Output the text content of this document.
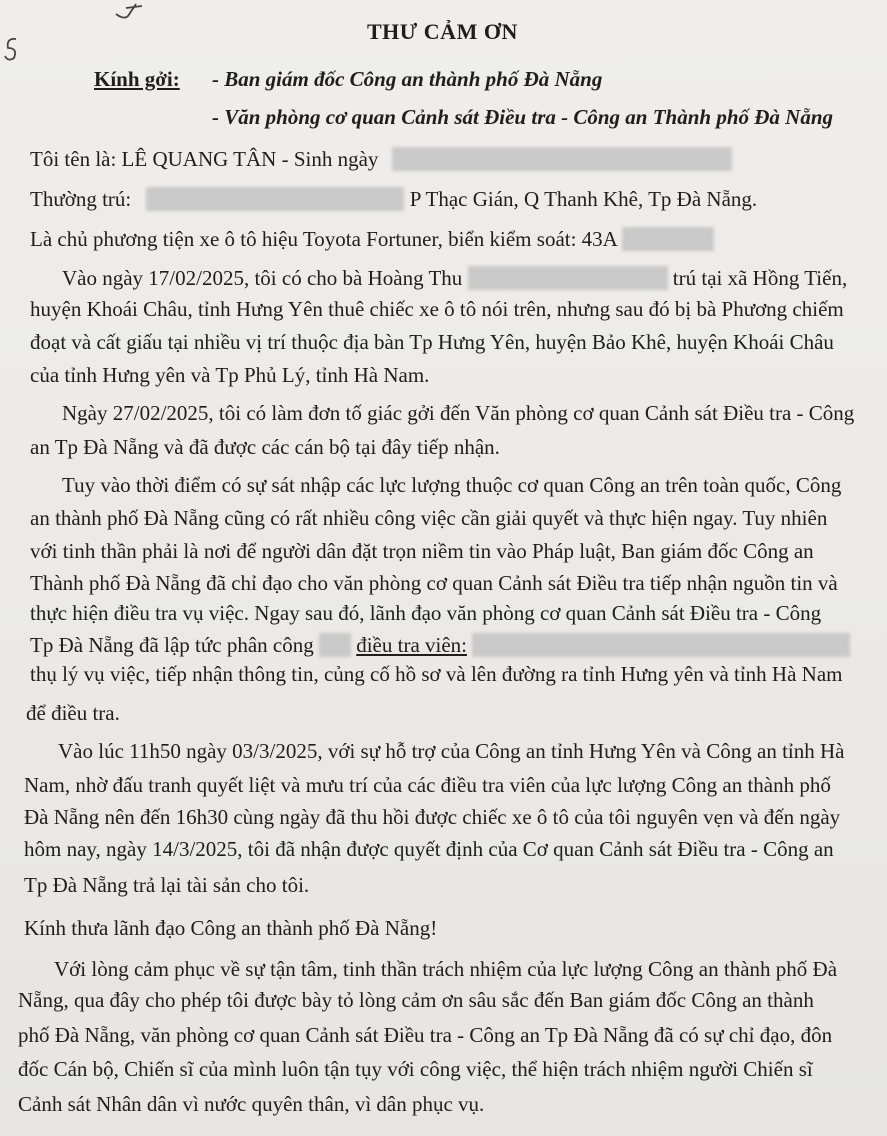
THƯ CẢM ƠN
Kính gởi: - Ban giám đốc Công an thành phố Đà Nẵng
- Văn phòng cơ quan Cảnh sát Điều tra - Công an Thành phố Đà Nẵng
Tôi tên là: LÊ QUANG TÂN - Sinh ngày
Thường trú:	P Thạc Gián, Q Thanh Khê, Tp Đà Nẵng.
Là chủ phương tiện xe ô tô hiệu Toyota Fortuner, biển kiểm soát: 43A
Vào ngày 17/02/2025, tôi có cho bà Hoàng Thu	trú tại xã Hồng Tiến,
huyện Khoái Châu, tỉnh Hưng Yên thuê chiếc xe ô tô nói trên, nhưng sau đó bị bà Phương chiếm
đoạt và cất giấu tại nhiều vị trí thuộc địa bàn Tp Hưng Yên, huyện Bảo Khê, huyện Khoái Châu
của tỉnh Hưng yên và Tp Phủ Lý, tỉnh Hà Nam.
Ngày 27/02/2025, tôi có làm đơn tố giác gởi đến Văn phòng cơ quan Cảnh sát Điều tra - Công
an Tp Đà Nẵng và đã được các cán bộ tại đây tiếp nhận.
Tuy vào thời điểm có sự sát nhập các lực lượng thuộc cơ quan Công an trên toàn quốc, Công
an thành phố Đà Nẵng cũng có rất nhiều công việc cần giải quyết và thực hiện ngay. Tuy nhiên
với tinh thần phải là nơi để người dân đặt trọn niềm tin vào Pháp luật, Ban giám đốc Công an
Thành phố Đà Nẵng đã chỉ đạo cho văn phòng cơ quan Cảnh sát Điều tra tiếp nhận nguồn tin và
thực hiện điều tra vụ việc. Ngay sau đó, lãnh đạo văn phòng cơ quan Cảnh sát Điều tra - Công
Tp Đà Nẵng đã lập tức phân công điều tra viên:
thụ lý vụ việc, tiếp nhận thông tin, củng cố hồ sơ và lên đường ra tỉnh Hưng yên và tỉnh Hà Nam
để điều tra.
Vào lúc 11h50 ngày 03/3/2025, với sự hỗ trợ của Công an tỉnh Hưng Yên và Công an tỉnh Hà
Nam, nhờ đấu tranh quyết liệt và mưu trí của các điều tra viên của lực lượng Công an thành phố
Đà Nẵng nên đến 16h30 cùng ngày đã thu hồi được chiếc xe ô tô của tôi nguyên vẹn và đến ngày
hôm nay, ngày 14/3/2025, tôi đã nhận được quyết định của Cơ quan Cảnh sát Điều tra - Công an
Tp Đà Nẵng trả lại tài sản cho tôi.
Kính thưa lãnh đạo Công an thành phố Đà Nẵng!
Với lòng cảm phục về sự tận tâm, tinh thần trách nhiệm của lực lượng Công an thành phố Đà
Nẵng, qua đây cho phép tôi được bày tỏ lòng cảm ơn sâu sắc đến Ban giám đốc Công an thành
phố Đà Nẵng, văn phòng cơ quan Cảnh sát Điều tra - Công an Tp Đà Nẵng đã có sự chỉ đạo, đôn
đốc Cán bộ, Chiến sĩ của mình luôn tận tụy với công việc, thể hiện trách nhiệm người Chiến sĩ
Cảnh sát Nhân dân vì nước quyên thân, vì dân phục vụ.
